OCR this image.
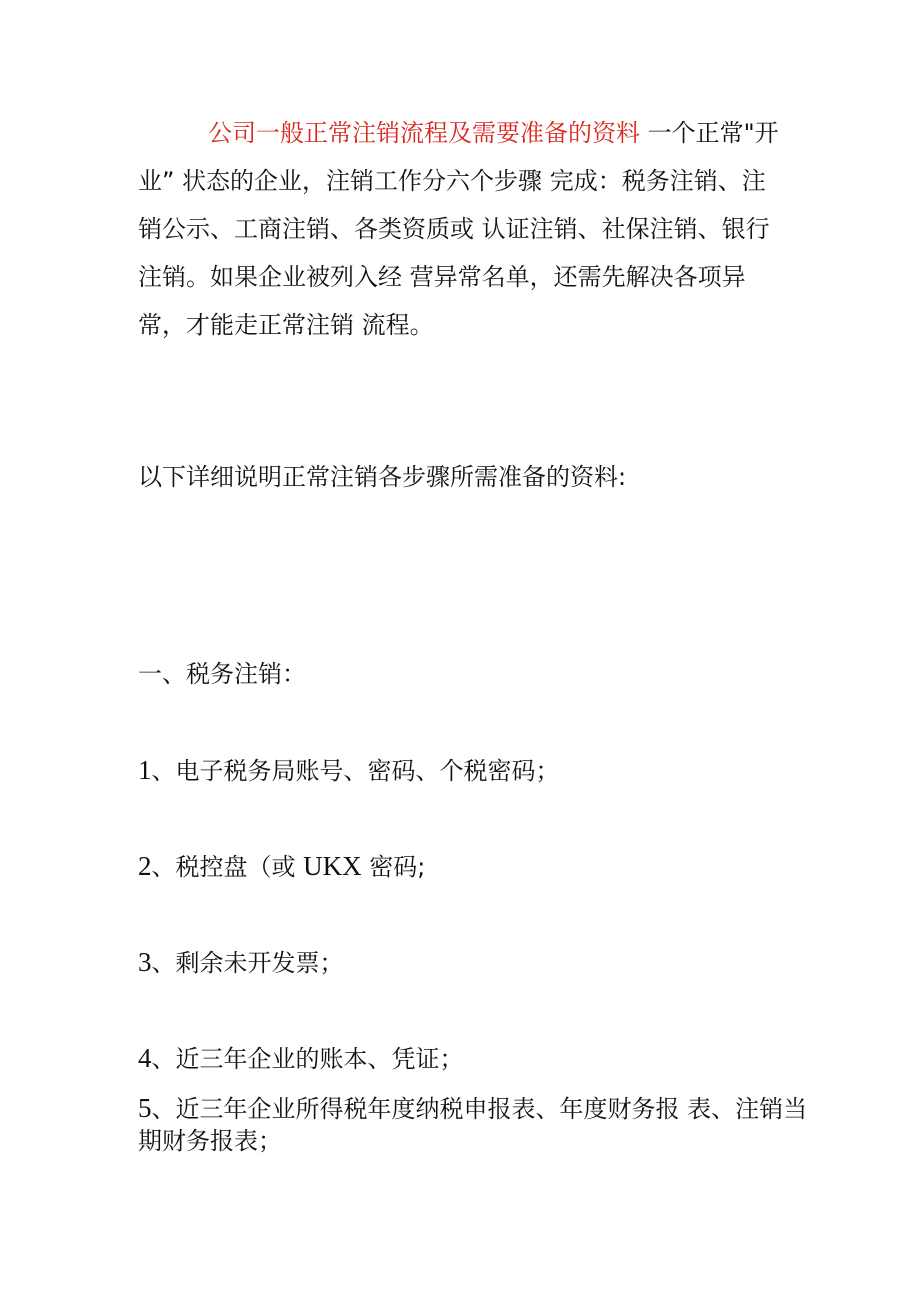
公司一般正常注销流程及需要准备的资料 一个正常"开业” 状态的企业，注销工作分六个步骤 完成：税务注销、注销公示、工商注销、各类资质或 认证注销、社保注销、银行注销。如果企业被列入经 营异常名单，还需先解决各项异常，才能走正常注销 流程。

以下详细说明正常注销各步骤所需准备的资料:

一、税务注销：

1、电子税务局账号、密码、个税密码；

2、税控盘（或 UKX 密码;

3、剩余未开发票；

4、近三年企业的账本、凭证；

5、近三年企业所得税年度纳税申报表、年度财务报 表、注销当期财务报表；
